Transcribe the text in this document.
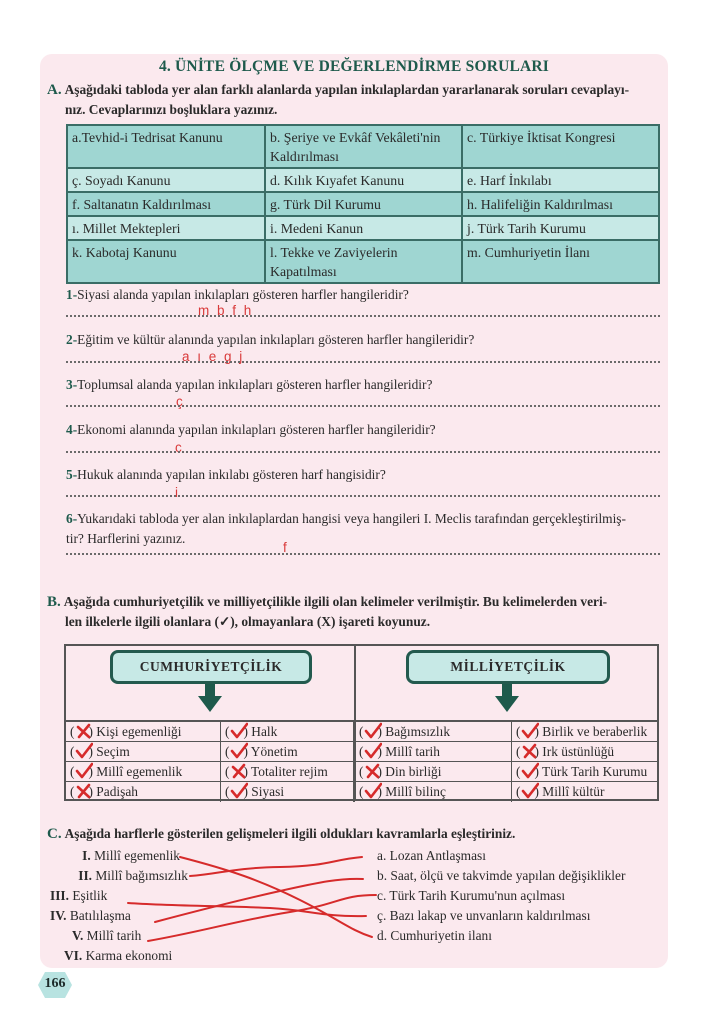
4. ÜNİTE ÖLÇME VE DEĞERLENDİRME SORULARI
A. Aşağıdaki tabloda yer alan farklı alanlarda yapılan inkılaplardan yararlanarak soruları cevaplayı-
nız. Cevaplarınızı boşluklara yazınız.
a.Tevhid-i Tedrisat Kanunu	b. Şeriye ve Evkâf Vekâleti'nin Kaldırılması	c. Türkiye İktisat Kongresi
ç. Soyadı Kanunu	d. Kılık Kıyafet Kanunu	e. Harf İnkılabı
f. Saltanatın Kaldırılması	g. Türk Dil Kurumu	h. Halifeliğin Kaldırılması
ı. Millet Mektepleri	i. Medeni Kanun	j. Türk Tarih Kurumu
k. Kabotaj Kanunu	l. Tekke ve Zaviyelerin Kapatılması	m. Cumhuriyetin İlanı
1-Siyasi alanda yapılan inkılapları gösteren harfler hangileridir?
m b f h
2-Eğitim ve kültür alanında yapılan inkılapları gösteren harfler hangileridir?
a ı e g j
3-Toplumsal alanda yapılan inkılapları gösteren harfler hangileridir?
ç
4-Ekonomi alanında yapılan inkılapları gösteren harfler hangileridir?
c
5-Hukuk alanında yapılan inkılabı gösteren harf hangisidir?
i
6-Yukarıdaki tabloda yer alan inkılaplardan hangisi veya hangileri I. Meclis tarafından gerçekleştirilmiş-
tir? Harflerini yazınız.
f
B. Aşağıda cumhuriyetçilik ve milliyetçilikle ilgili olan kelimeler verilmiştir. Bu kelimelerden veri-
len ilkelerle ilgili olanlara (✓), olmayanlara (X) işareti koyunuz.
CUMHURİYETÇİLİK	MİLLİYETÇİLİK
( ) Kişi egemenliği	( ) Halk	( ) Bağımsızlık	( ) Birlik ve beraberlik
( ) Seçim	( ) Yönetim	( ) Millî tarih	( ) Irk üstünlüğü
( ) Millî egemenlik	( ) Totaliter rejim	( ) Din birliği	( ) Türk Tarih Kurumu
( ) Padişah	( ) Siyasi	( ) Millî bilinç	( ) Millî kültür
C. Aşağıda harflerle gösterilen gelişmeleri ilgili oldukları kavramlarla eşleştiriniz.
I. Millî egemenlik
II. Millî bağımsızlık
III. Eşitlik
IV. Batılılaşma
V. Millî tarih
VI. Karma ekonomi
a. Lozan Antlaşması
b. Saat, ölçü ve takvimde yapılan değişiklikler
c. Türk Tarih Kurumu'nun açılması
ç. Bazı lakap ve unvanların kaldırılması
d. Cumhuriyetin ilanı
166
